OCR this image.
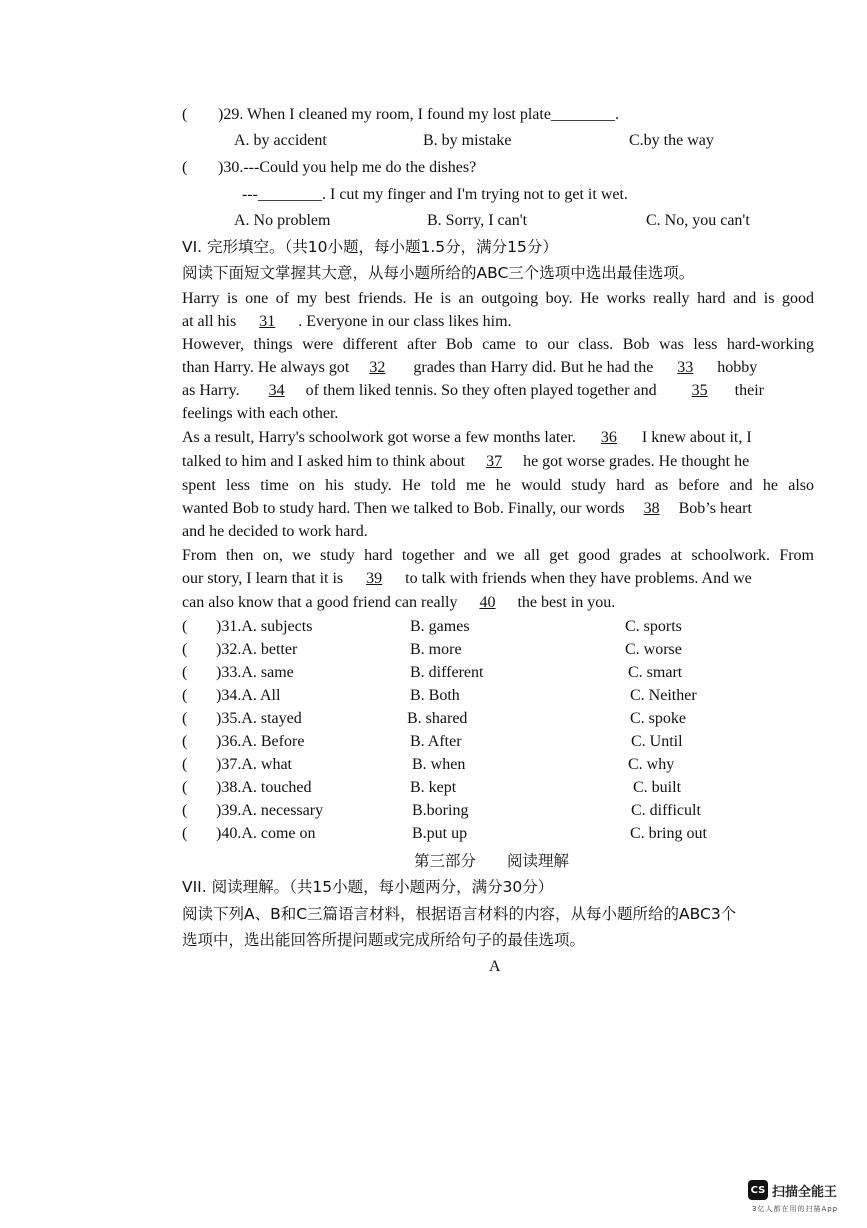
( )29. When I cleaned my room, I found my lost plate________.
A. by accident	B. by mistake	C.by the way
( )30.---Could you help me do the dishes?
---________. I cut my finger and I'm trying not to get it wet.
A. No problem	B. Sorry, I can't	C. No, you can't
VI. 完形填空。（共10小题，每小题1.5分，满分15分）
阅读下面短文掌握其大意，从每小题所给的ABC三个选项中选出最佳选项。
Harry is one of my best friends. He is an outgoing boy. He works really hard and is good
at all his 31 . Everyone in our class likes him.
However, things were different after Bob came to our class. Bob was less hard-working
than Harry. He always got 32 grades than Harry did. But he had the 33 hobby
as Harry. 34 of them liked tennis. So they often played together and 35 their
feelings with each other.
As a result, Harry's schoolwork got worse a few months later. 36 I knew about it, I
talked to him and I asked him to think about 37 he got worse grades. He thought he
spent less time on his study. He told me he would study hard as before and he also
wanted Bob to study hard. Then we talked to Bob. Finally, our words 38 Bob’s heart
and he decided to work hard.
From then on, we study hard together and we all get good grades at schoolwork. From
our story, I learn that it is 39 to talk with friends when they have problems. And we
can also know that a good friend can really 40 the best in you.
( )31.A. subjects	B. games	C. sports
( )32.A. better	B. more	C. worse
( )33.A. same	B. different	C. smart
( )34.A. All	B. Both	C. Neither
( )35.A. stayed	B. shared	C. spoke
( )36.A. Before	B. After	C. Until
( )37.A. what	B. when	C. why
( )38.A. touched	B. kept	C. built
( )39.A. necessary	B.boring	C. difficult
( )40.A. come on	B.put up	C. bring out
第三部分　　阅读理解
VII. 阅读理解。（共15小题，每小题两分，满分30分）
阅读下列A、B和C三篇语言材料，根据语言材料的内容，从每小题所给的ABC3个
选项中，选出能回答所提问题或完成所给句子的最佳选项。
A
CS 扫描全能王
3亿人都在用的扫描App
